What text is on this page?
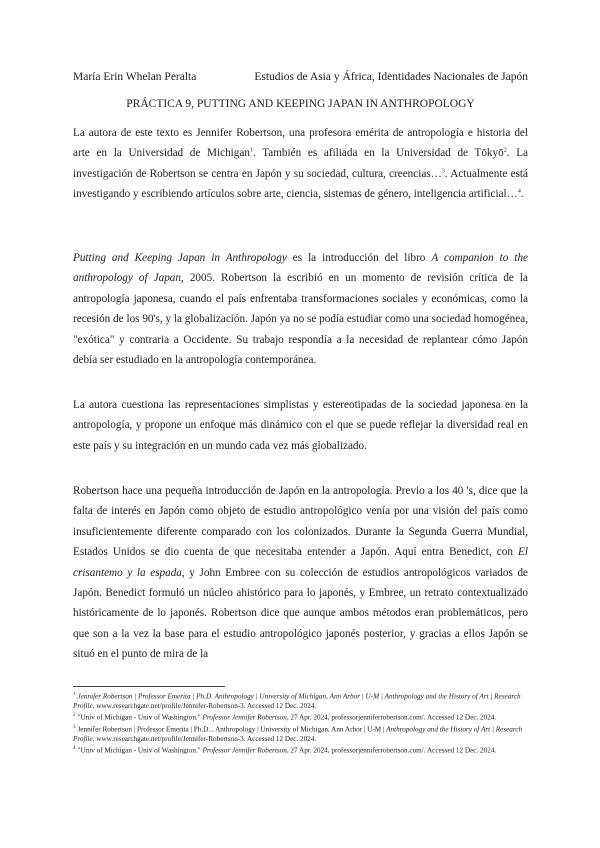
María Erin Whelan Peralta	Estudios de Asia y África, Identidades Nacionales de Japón
PRÁCTICA 9, PUTTING AND KEEPING JAPAN IN ANTHROPOLOGY

La autora de este texto es Jennifer Robertson, una profesora emérita de antropología e historia del arte en la Universidad de Michigan$^1$. También es afiliada en la Universidad de Tōkyō$^2$. La investigación de Robertson se centra en Japón y su sociedad, cultura, creencias…$^3$. Actualmente está investigando y escribiendo artículos sobre arte, ciencia, sistemas de género, inteligencia artificial…$^4$.

Putting and Keeping Japan in Anthropology es la introducción del libro A companion to the anthropology of Japan, 2005. Robertson la escribió en un momento de revisión crítica de la antropología japonesa, cuando el país enfrentaba transformaciones sociales y económicas, como la recesión de los 90's, y la globalización. Japón ya no se podía estudiar como una sociedad homogénea, "exótica" y contraria a Occidente. Su trabajo respondía a la necesidad de replantear cómo Japón debía ser estudiado en la antropología contemporánea.

La autora cuestiona las representaciones simplistas y estereotipadas de la sociedad japonesa en la antropología, y propone un enfoque más dinámico con el que se puede reflejar la diversidad real en este país y su integración en un mundo cada vez más globalizado.

Robertson hace una pequeña introducción de Japón en la antropología. Previo a los 40 's, dice que la falta de interés en Japón como objeto de estudio antropológico venía por una visión del país como insuficientemente diferente comparado con los colonizados. Durante la Segunda Guerra Mundial, Estados Unidos se dio cuenta de que necesitaba entender a Japón. Aquí entra Benedict, con El crisantemo y la espada, y John Embree con su colección de estudios antropológicos variados de Japón. Benedict formuló un núcleo ahistórico para lo japonés, y Embree, un retrato contextualizado históricamente de lo japonés. Robertson dice que aunque ambos métodos eran problemáticos, pero que son a la vez la base para el estudio antropológico japonés posterior, y gracias a ellos Japón se situó en el punto de mira de la

$^1$ Jennifer Robertson | Professor Emerita | Ph.D. Anthropology | University of Michigan, Ann Arbor | U-M | Anthropology and the History of Art | Research Profile, www.researchgate.net/profile/Jennifer-Robertson-3. Accessed 12 Dec. 2024.
$^2$ "Univ of Michigan - Univ of Washington." Professor Jennifer Robertson, 27 Apr. 2024, professorjenniferrobertson.com/. Accessed 12 Dec. 2024.
$^3$ Jennifer Robertson | Professor Emerita | Ph.D... Anthropology | University of Michigan, Ann Arbor | U-M | Anthropology and the History of Art | Research Profile, www.researchgate.net/profile/Jennifer-Robertson-3. Accessed 12 Dec. 2024.
$^4$ "Univ of Michigan - Univ of Washington." Professor Jennifer Robertson, 27 Apr. 2024, professorjenniferrobertson.com/. Accessed 12 Dec. 2024.
